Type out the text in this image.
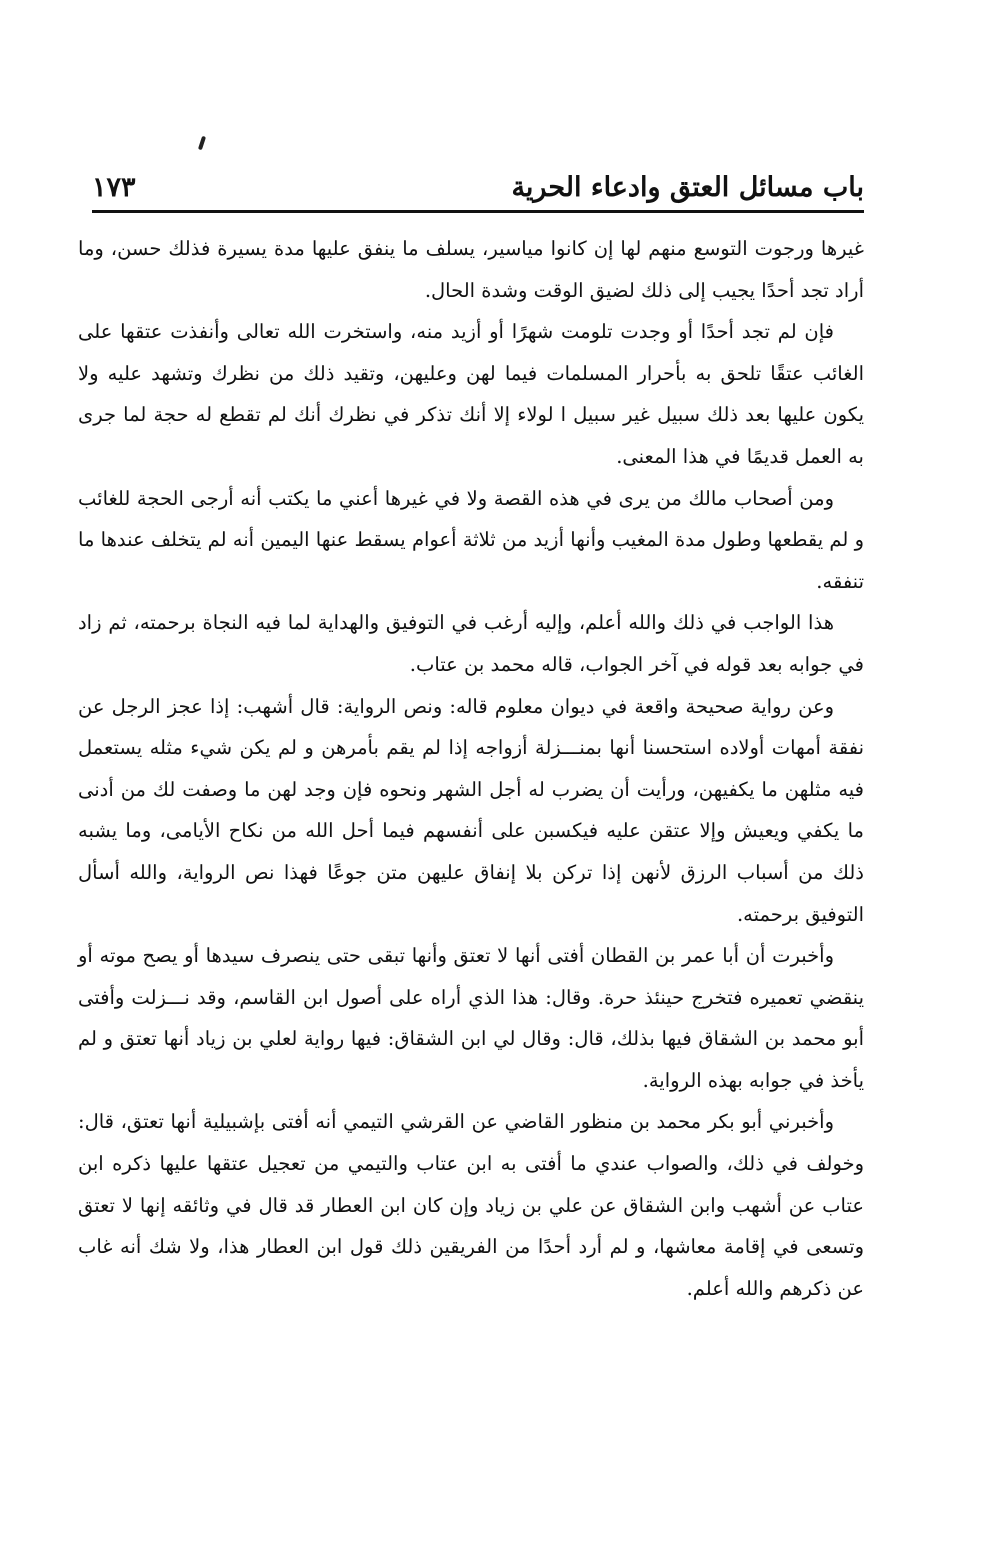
باب مسائل العتق وادعاء الحرية
١٧٣

غيرها ورجوت التوسع منهم لها إن كانوا مياسير، يسلف ما ينفق عليها مدة يسيرة فذلك حسن، وما أراد تجد أحدًا يجيب إلى ذلك لضيق الوقت وشدة الحال.

فإن لم تجد أحدًا أو وجدت تلومت شهرًا أو أزيد منه، واستخرت الله تعالى وأنفذت عتقها على الغائب عتقًا تلحق به بأحرار المسلمات فيما لهن وعليهن، وتقيد ذلك من نظرك وتشهد عليه ولا يكون عليها بعد ذلك سبيل غير سبيل ا لولاء إلا أنك تذكر في نظرك أنك لم تقطع له حجة لما جرى به العمل قديمًا في هذا المعنى.

ومن أصحاب مالك من يرى في هذه القصة ولا في غيرها أعني ما يكتب أنه أرجى الحجة للغائب و لم يقطعها وطول مدة المغيب وأنها أزيد من ثلاثة أعوام يسقط عنها اليمين أنه لم يتخلف عندها ما تنفقه.

هذا الواجب في ذلك والله أعلم، وإليه أرغب في التوفيق والهداية لما فيه النجاة برحمته، ثم زاد في جوابه بعد قوله في آخر الجواب، قاله محمد بن عتاب.

وعن رواية صحيحة واقعة في ديوان معلوم قاله: ونص الرواية: قال أشهب: إذا عجز الرجل عن نفقة أمهات أولاده استحسنا أنها بمنـــزلة أزواجه إذا لم يقم بأمرهن و لم يكن شيء مثله يستعمل فيه مثلهن ما يكفيهن، ورأيت أن يضرب له أجل الشهر ونحوه فإن وجد لهن ما وصفت لك من أدنى ما يكفي ويعيش وإلا عتقن عليه فيكسبن على أنفسهم فيما أحل الله من نكاح الأيامى، وما يشبه ذلك من أسباب الرزق لأنهن إذا تركن بلا إنفاق عليهن متن جوعًا فهذا نص الرواية، والله أسأل التوفيق برحمته.

وأخبرت أن أبا عمر بن القطان أفتى أنها لا تعتق وأنها تبقى حتى ينصرف سيدها أو يصح موته أو ينقضي تعميره فتخرج حينئذ حرة. وقال: هذا الذي أراه على أصول ابن القاسم، وقد نـــزلت وأفتى أبو محمد بن الشقاق فيها بذلك، قال: وقال لي ابن الشقاق: فيها رواية لعلي بن زياد أنها تعتق و لم يأخذ في جوابه بهذه الرواية.

وأخبرني أبو بكر محمد بن منظور القاضي عن القرشي التيمي أنه أفتى بإشبيلية أنها تعتق، قال: وخولف في ذلك، والصواب عندي ما أفتى به ابن عتاب والتيمي من تعجيل عتقها عليها ذكره ابن عتاب عن أشهب وابن الشقاق عن علي بن زياد وإن كان ابن العطار قد قال في وثائقه إنها لا تعتق وتسعى في إقامة معاشها، و لم أرد أحدًا من الفريقين ذلك قول ابن العطار هذا، ولا شك أنه غاب عن ذكرهم والله أعلم.
